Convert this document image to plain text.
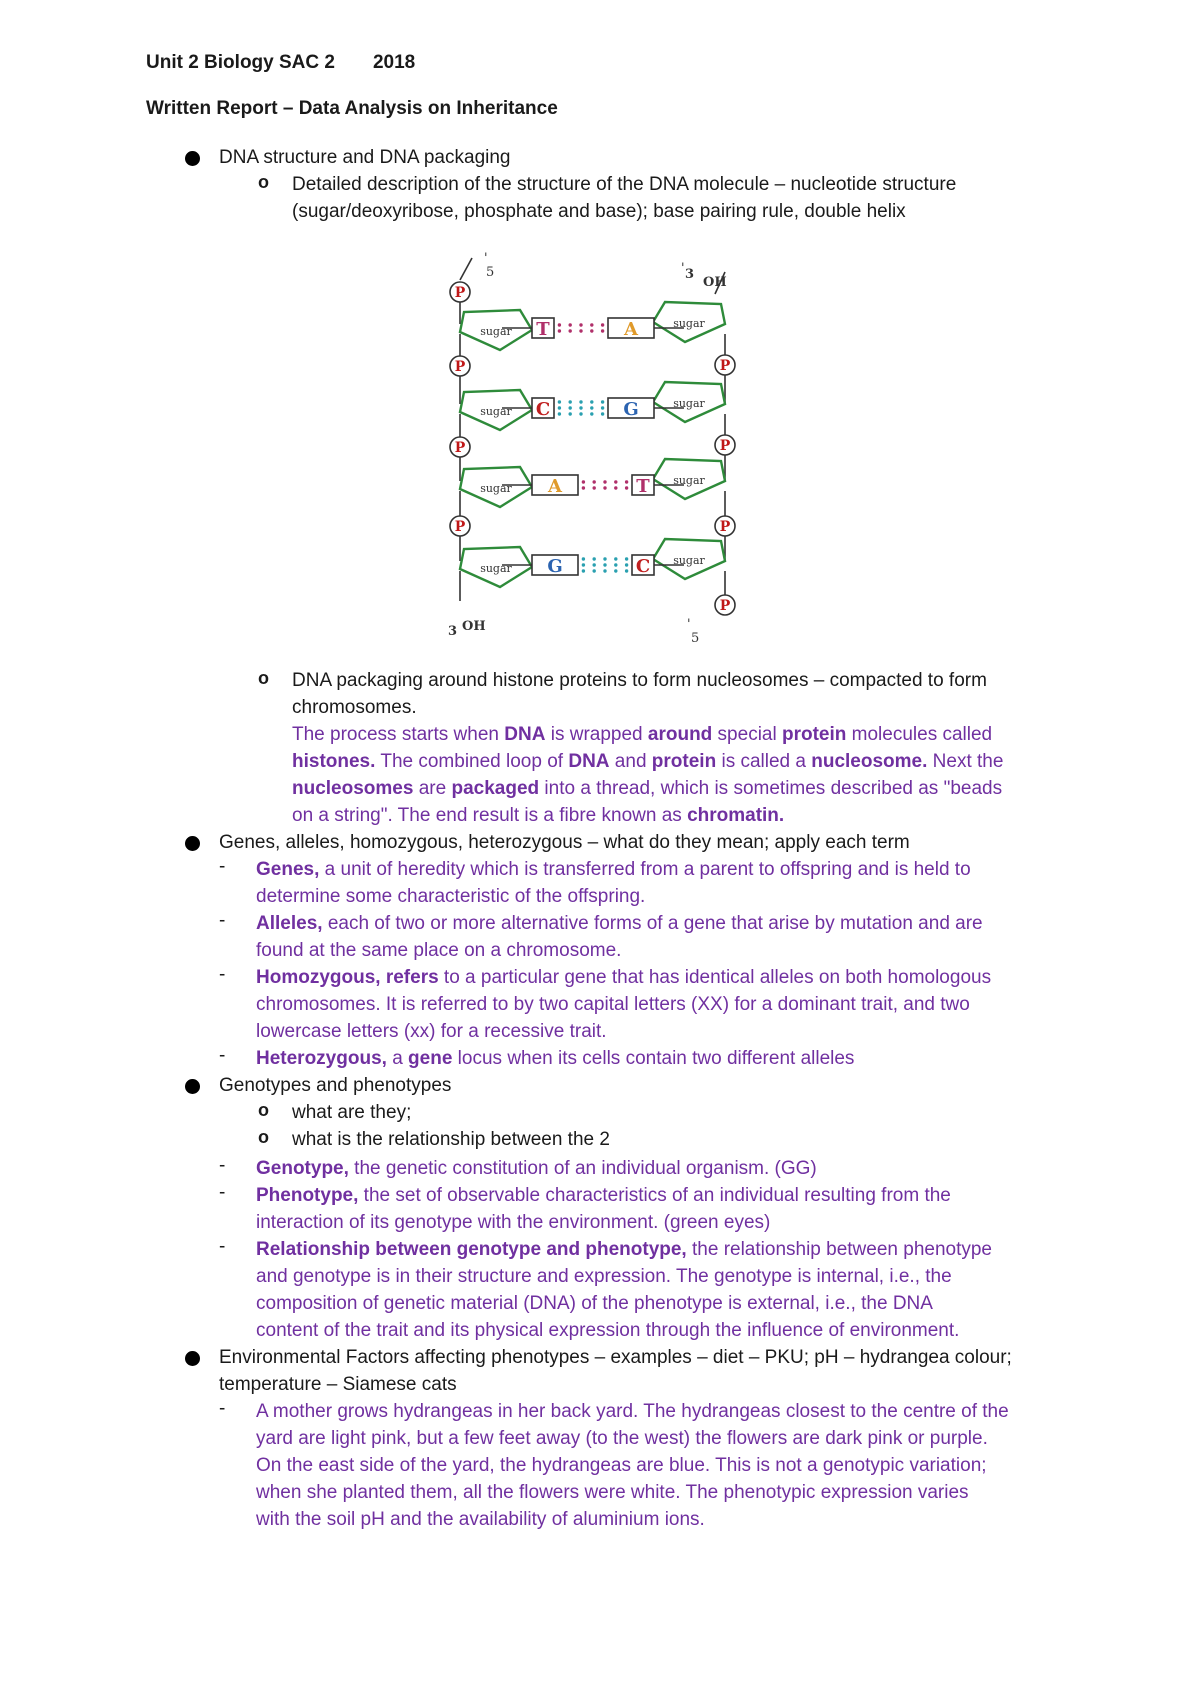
Unit 2 Biology SAC 2 2018
Written Report – Data Analysis on Inheritance
DNA structure and DNA packaging
o Detailed description of the structure of the DNA molecule – nucleotide structure
(sugar/deoxyribose, phosphate and base); base pairing rule, double helix
P
P
P
P
P
P
P
P
sugar
sugar
sugar
sugar
sugar
sugar
sugar
sugar
T	A
C	G
A	T
G	C
'
5	' 3
OH
3 OH	'
5
o DNA packaging around histone proteins to form nucleosomes – compacted to form
chromosomes.
The process starts when DNA is wrapped around special protein molecules called
histones. The combined loop of DNA and protein is called a nucleosome. Next the
nucleosomes are packaged into a thread, which is sometimes described as "beads
on a string". The end result is a fibre known as chromatin.
Genes, alleles, homozygous, heterozygous – what do they mean; apply each term
- Genes, a unit of heredity which is transferred from a parent to offspring and is held to
determine some characteristic of the offspring.
- Alleles, each of two or more alternative forms of a gene that arise by mutation and are
found at the same place on a chromosome.
- Homozygous, refers to a particular gene that has identical alleles on both homologous
chromosomes. It is referred to by two capital letters (XX) for a dominant trait, and two
lowercase letters (xx) for a recessive trait.
- Heterozygous, a gene locus when its cells contain two different alleles
Genotypes and phenotypes
o what are they;
o what is the relationship between the 2
- Genotype, the genetic constitution of an individual organism. (GG)
- Phenotype, the set of observable characteristics of an individual resulting from the
interaction of its genotype with the environment. (green eyes)
- Relationship between genotype and phenotype, the relationship between phenotype
and genotype is in their structure and expression. The genotype is internal, i.e., the
composition of genetic material (DNA) of the phenotype is external, i.e., the DNA
content of the trait and its physical expression through the influence of environment.
Environmental Factors affecting phenotypes – examples – diet – PKU; pH – hydrangea colour;
temperature – Siamese cats
- A mother grows hydrangeas in her back yard. The hydrangeas closest to the centre of the
yard are light pink, but a few feet away (to the west) the flowers are dark pink or purple.
On the east side of the yard, the hydrangeas are blue. This is not a genotypic variation;
when she planted them, all the flowers were white. The phenotypic expression varies
with the soil pH and the availability of aluminium ions.
